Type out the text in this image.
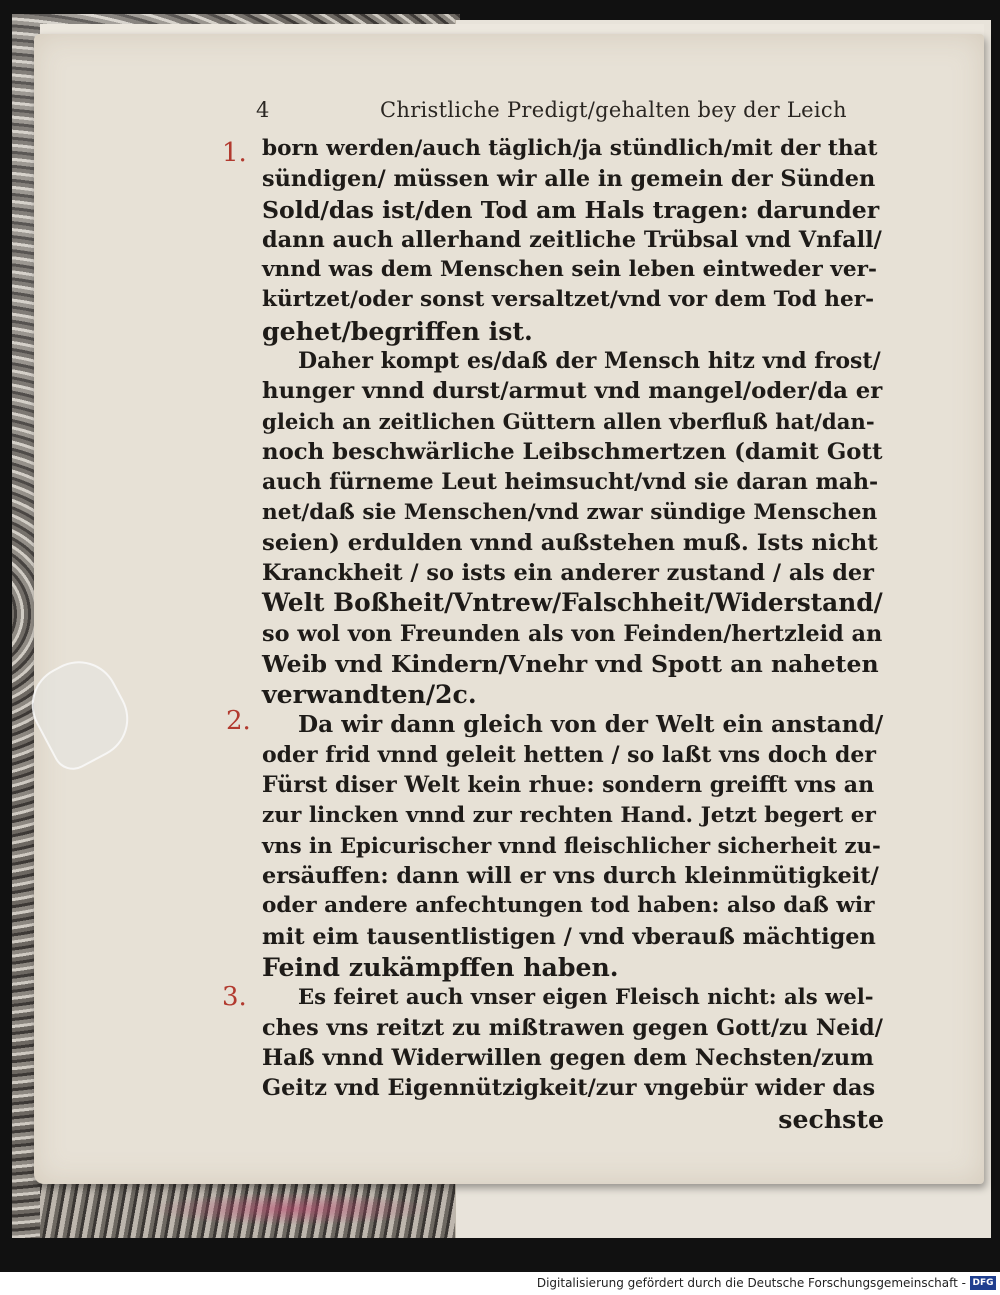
4	Christliche Predigt/gehalten bey der Leich
1.
2.
3.
born werden/auch täglich/ja stündlich/mit der that
sündigen/ müssen wir alle in gemein der Sünden
Sold/das ist/den Tod am Hals tragen: darunder
dann auch allerhand zeitliche Trübsal vnd Vnfall/
vnnd was dem Menschen sein leben eintweder ver-
kürtzet/oder sonst versaltzet/vnd vor dem Tod her-
gehet/begriffen ist.
Daher kompt es/daß der Mensch hitz vnd frost/
hunger vnnd durst/armut vnd mangel/oder/da er
gleich an zeitlichen Güttern allen vberfluß hat/dan-
noch beschwärliche Leibschmertzen (damit Gott
auch fürneme Leut heimsucht/vnd sie daran mah-
net/daß sie Menschen/vnd zwar sündige Menschen
seien) erdulden vnnd außstehen muß. Ists nicht
Kranckheit / so ists ein anderer zustand / als der
Welt Boßheit/Vntrew/Falschheit/Widerstand/
so wol von Freunden als von Feinden/hertzleid an
Weib vnd Kindern/Vnehr vnd Spott an naheten
verwandten/2c.
Da wir dann gleich von der Welt ein anstand/
oder frid vnnd geleit hetten / so laßt vns doch der
Fürst diser Welt kein rhue: sondern greifft vns an
zur lincken vnnd zur rechten Hand. Jetzt begert er
vns in Epicurischer vnnd fleischlicher sicherheit zu-
ersäuffen: dann will er vns durch kleinmütigkeit/
oder andere anfechtungen tod haben: also daß wir
mit eim tausentlistigen / vnd vberauß mächtigen
Feind zukämpffen haben.
Es feiret auch vnser eigen Fleisch nicht: als wel-
ches vns reitzt zu mißtrawen gegen Gott/zu Neid/
Haß vnnd Widerwillen gegen dem Nechsten/zum
Geitz vnd Eigennützigkeit/zur vngebür wider das
sechste
Digitalisierung gefördert durch die Deutsche Forschungsgemeinschaft - DFG
